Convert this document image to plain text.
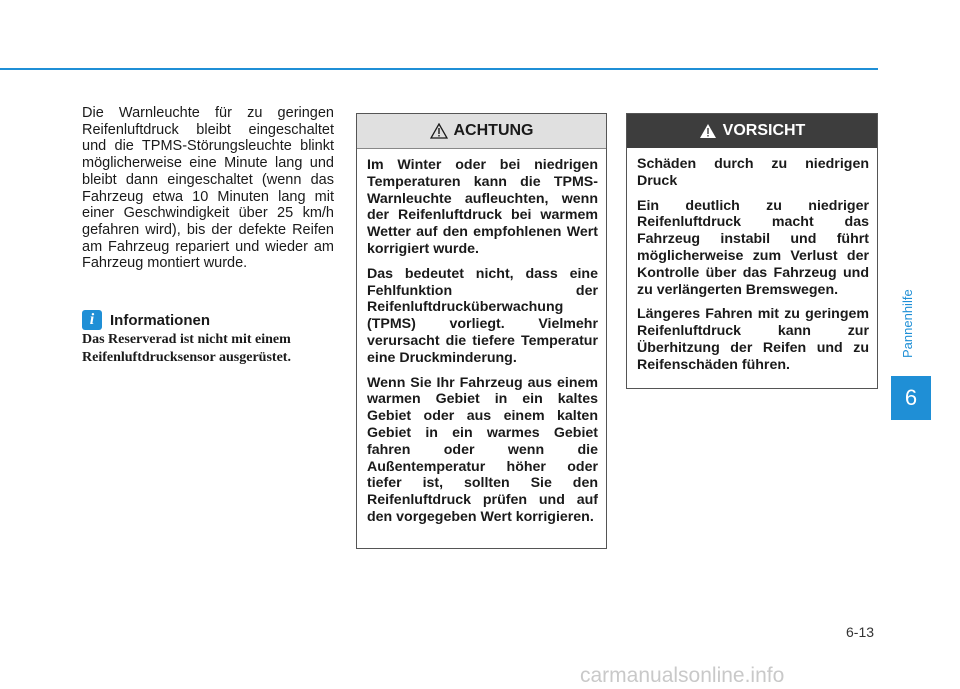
Pannenhilfe
6
Die Warnleuchte für zu geringen Reifenluftdruck bleibt eingeschaltet und die TPMS-Störungsleuchte blinkt möglicherweise eine Minute lang und bleibt dann eingeschaltet (wenn das Fahrzeug etwa 10 Minuten lang mit einer Geschwindigkeit über 25 km/h gefahren wird), bis der defekte Reifen am Fahrzeug repariert und wieder am Fahrzeug montiert wurde.
i	Informationen
Das Reserverad ist nicht mit einem Reifenluftdrucksensor ausgerüstet.
ACHTUNG

Im Winter oder bei niedrigen Temperaturen kann die TPMS-Warnleuchte aufleuchten, wenn der Reifenluftdruck bei warmem Wetter auf den empfohlenen Wert korrigiert wurde.

Das bedeutet nicht, dass eine Fehlfunktion der Reifenluftdrucküberwachung (TPMS) vorliegt. Vielmehr verursacht die tiefere Temperatur eine Druckminderung.

Wenn Sie Ihr Fahrzeug aus einem warmen Gebiet in ein kaltes Gebiet oder aus einem kalten Gebiet in ein warmes Gebiet fahren oder wenn die Außentemperatur höher oder tiefer ist, sollten Sie den Reifenluftdruck prüfen und auf den vorgegeben Wert korrigieren.

VORSICHT

Schäden durch zu niedrigen Druck

Ein deutlich zu niedriger Reifenluftdruck macht das Fahrzeug instabil und führt möglicherweise zum Verlust der Kontrolle über das Fahrzeug und zu verlängerten Bremswegen.

Längeres Fahren mit zu geringem Reifenluftdruck kann zur Überhitzung der Reifen und zu Reifenschäden führen.

6-13
carmanualsonline.info
